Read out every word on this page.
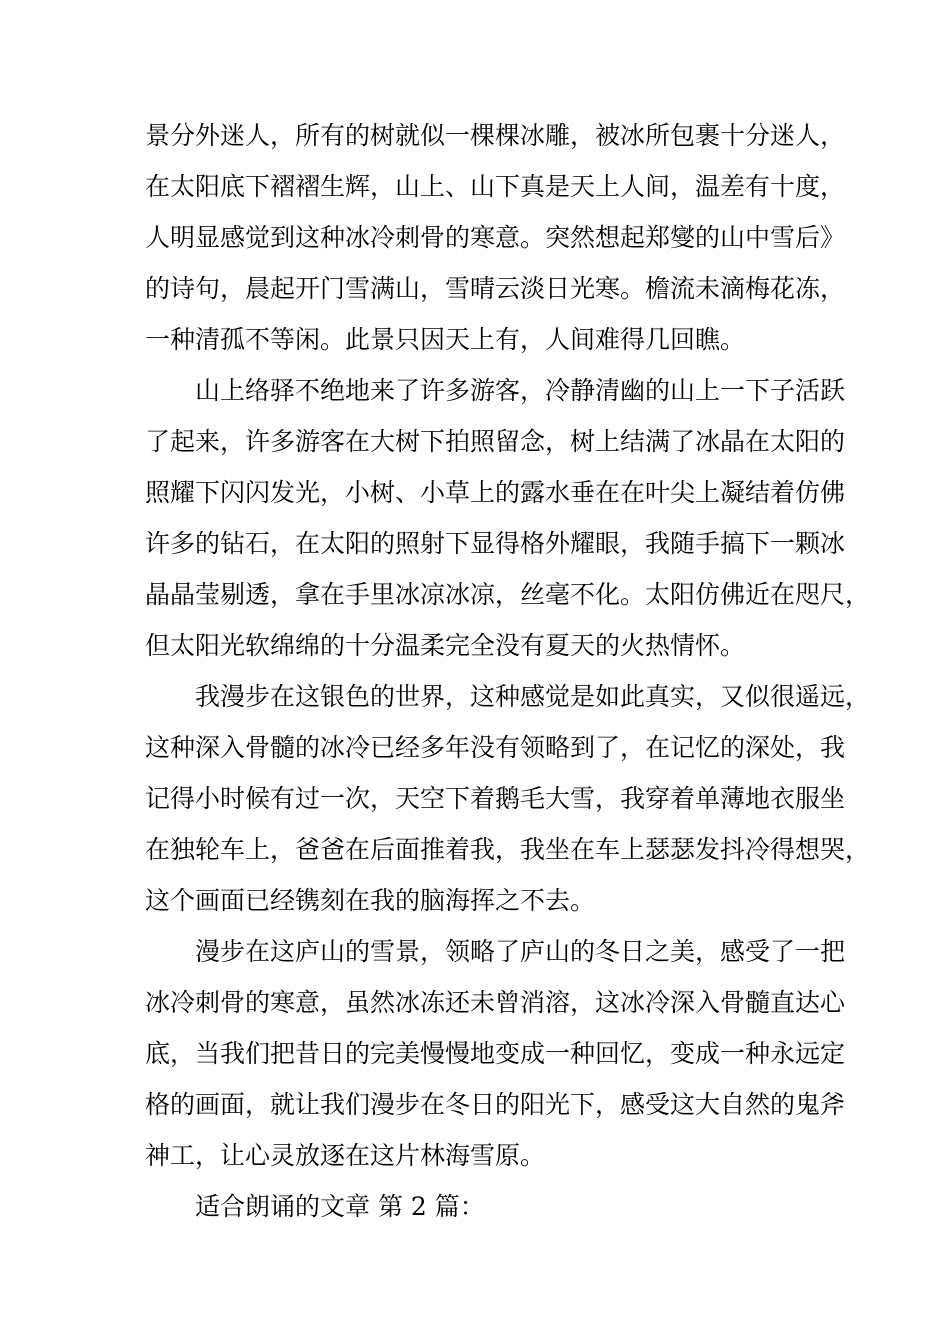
景分外迷人，所有的树就似一棵棵冰雕，被冰所包裹十分迷人，
在太阳底下褶褶生辉，山上、山下真是天上人间，温差有十度，
人明显感觉到这种冰冷刺骨的寒意。突然想起郑燮的山中雪后》
的诗句，晨起开门雪满山，雪晴云淡日光寒。檐流未滴梅花冻，
一种清孤不等闲。此景只因天上有，人间难得几回瞧。
山上络驿不绝地来了许多游客，冷静清幽的山上一下子活跃
了起来，许多游客在大树下拍照留念，树上结满了冰晶在太阳的
照耀下闪闪发光，小树、小草上的露水垂在在叶尖上凝结着仿佛
许多的钻石，在太阳的照射下显得格外耀眼，我随手搞下一颗冰
晶晶莹剔透，拿在手里冰凉冰凉，丝毫不化。太阳仿佛近在咫尺，
但太阳光软绵绵的十分温柔完全没有夏天的火热情怀。
我漫步在这银色的世界，这种感觉是如此真实，又似很遥远，
这种深入骨髓的冰冷已经多年没有领略到了，在记忆的深处，我
记得小时候有过一次，天空下着鹅毛大雪，我穿着单薄地衣服坐
在独轮车上，爸爸在后面推着我，我坐在车上瑟瑟发抖冷得想哭，
这个画面已经镌刻在我的脑海挥之不去。
漫步在这庐山的雪景，领略了庐山的冬日之美，感受了一把
冰冷刺骨的寒意，虽然冰冻还未曾消溶，这冰冷深入骨髓直达心
底，当我们把昔日的完美慢慢地变成一种回忆，变成一种永远定
格的画面，就让我们漫步在冬日的阳光下，感受这大自然的鬼斧
神工，让心灵放逐在这片林海雪原。
适合朗诵的文章 第 2 篇：
